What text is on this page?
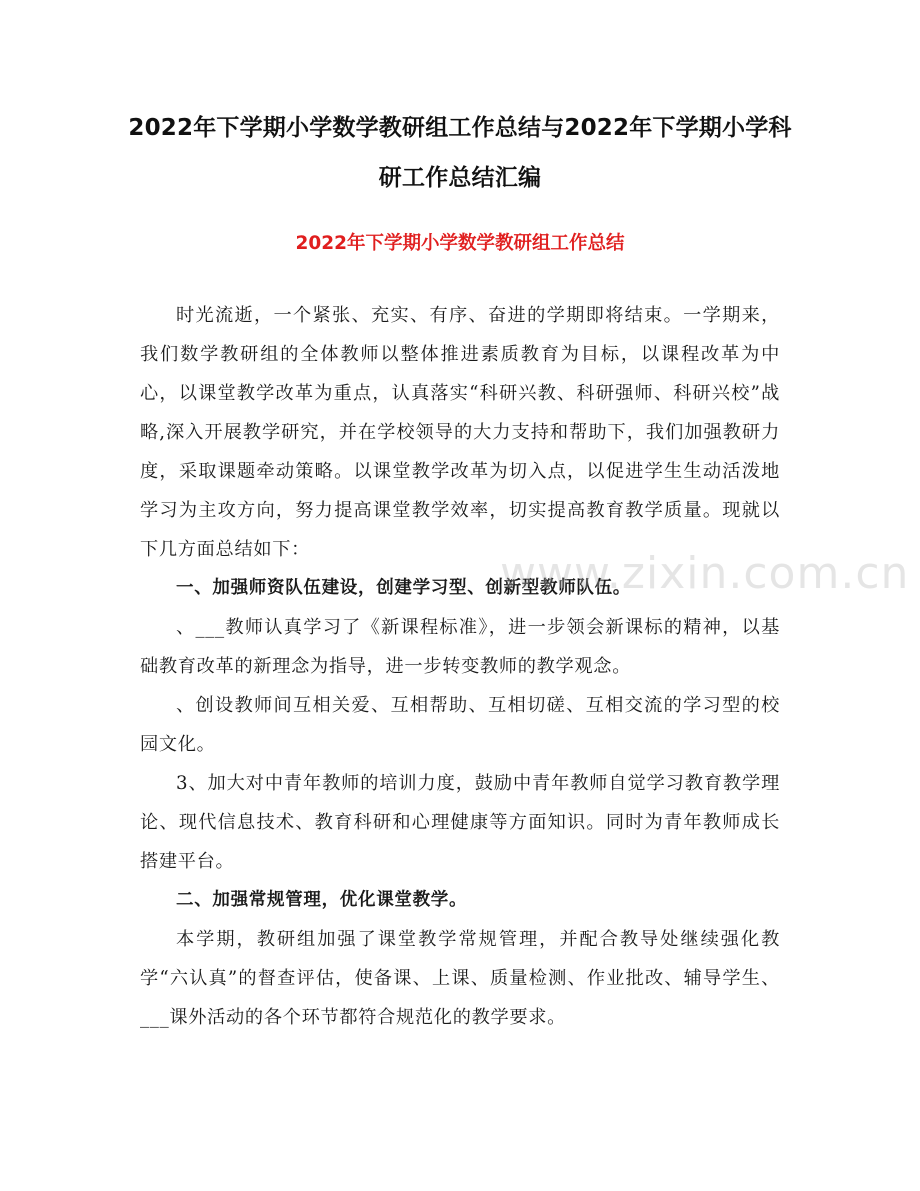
2022年下学期小学数学教研组工作总结与2022年下学期小学科研工作总结汇编
2022年下学期小学数学教研组工作总结

时光流逝，一个紧张、充实、有序、奋进的学期即将结束。一学期来，我们数学教研组的全体教师以整体推进素质教育为目标，以课程改革为中心，以课堂教学改革为重点，认真落实“科研兴教、科研强师、科研兴校”战略,深入开展教学研究，并在学校领导的大力支持和帮助下，我们加强教研力度，采取课题牵动策略。以课堂教学改革为切入点，以促进学生生动活泼地学习为主攻方向，努力提高课堂教学效率，切实提高教育教学质量。现就以下几方面总结如下：

一、加强师资队伍建设，创建学习型、创新型教师队伍。

、___教师认真学习了《新课程标准》，进一步领会新课标的精神，以基础教育改革的新理念为指导，进一步转变教师的教学观念。

、创设教师间互相关爱、互相帮助、互相切磋、互相交流的学习型的校园文化。

3、加大对中青年教师的培训力度，鼓励中青年教师自觉学习教育教学理论、现代信息技术、教育科研和心理健康等方面知识。同时为青年教师成长搭建平台。

二、加强常规管理，优化课堂教学。

本学期，教研组加强了课堂教学常规管理，并配合教导处继续强化教学“六认真”的督查评估，使备课、上课、质量检测、作业批改、辅导学生、___课外活动的各个环节都符合规范化的教学要求。

www.zixin.com.cn
